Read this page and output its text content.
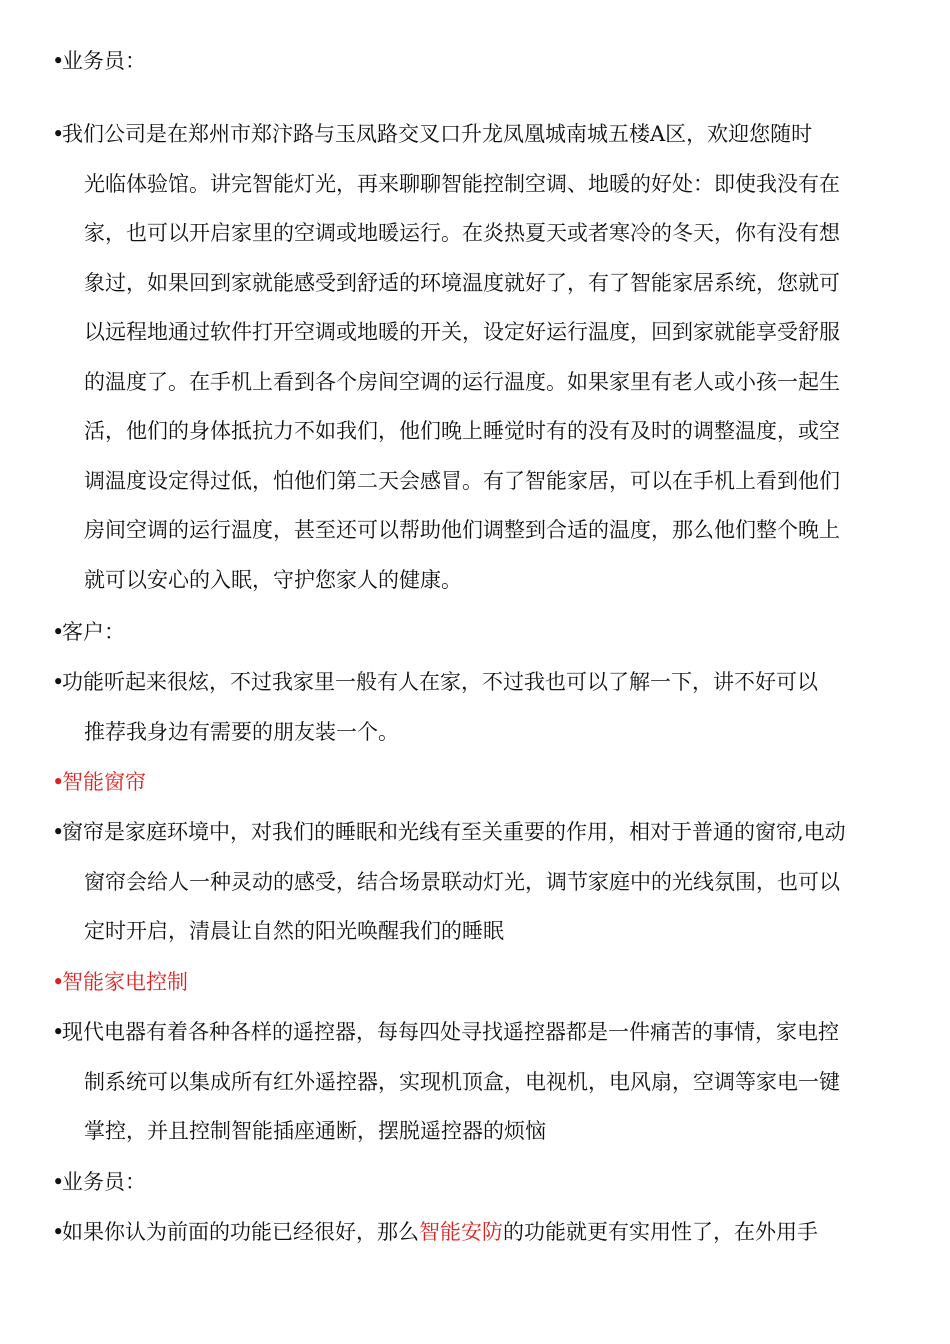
•业务员：

•我们公司是在郑州市郑汴路与玉凤路交叉口升龙凤凰城南城五楼A区，欢迎您随时
光临体验馆。讲完智能灯光，再来聊聊智能控制空调、地暖的好处：即使我没有在
家，也可以开启家里的空调或地暖运行。在炎热夏天或者寒冷的冬天，你有没有想
象过，如果回到家就能感受到舒适的环境温度就好了，有了智能家居系统，您就可
以远程地通过软件打开空调或地暖的开关，设定好运行温度，回到家就能享受舒服
的温度了。在手机上看到各个房间空调的运行温度。如果家里有老人或小孩一起生
活，他们的身体抵抗力不如我们，他们晚上睡觉时有的没有及时的调整温度，或空
调温度设定得过低，怕他们第二天会感冒。有了智能家居，可以在手机上看到他们
房间空调的运行温度，甚至还可以帮助他们调整到合适的温度，那么他们整个晚上
就可以安心的入眠，守护您家人的健康。

•客户：

•功能听起来很炫，不过我家里一般有人在家，不过我也可以了解一下，讲不好可以
推荐我身边有需要的朋友装一个。

•智能窗帘

•窗帘是家庭环境中，对我们的睡眠和光线有至关重要的作用，相对于普通的窗帘,电动
窗帘会给人一种灵动的感受，结合场景联动灯光，调节家庭中的光线氛围，也可以
定时开启，清晨让自然的阳光唤醒我们的睡眠

•智能家电控制

•现代电器有着各种各样的遥控器，每每四处寻找遥控器都是一件痛苦的事情，家电控
制系统可以集成所有红外遥控器，实现机顶盒，电视机，电风扇，空调等家电一键
掌控，并且控制智能插座通断，摆脱遥控器的烦恼

•业务员：

•如果你认为前面的功能已经很好，那么智能安防的功能就更有实用性了，在外用手
